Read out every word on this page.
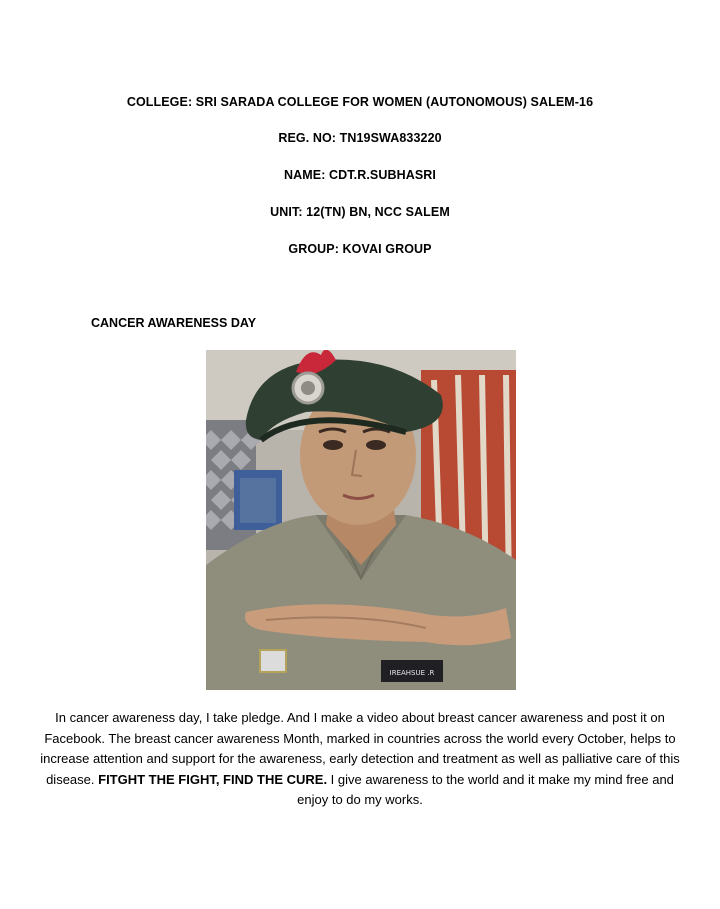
COLLEGE: SRI SARADA COLLEGE FOR WOMEN (AUTONOMOUS) SALEM-16
REG. NO: TN19SWA833220
NAME: CDT.R.SUBHASRI
UNIT: 12(TN) BN, NCC SALEM
GROUP: KOVAI GROUP
CANCER AWARENESS DAY
IREAHSUE .R
In cancer awareness day, I take pledge. And I make a video about breast cancer awareness and post it on Facebook. The breast cancer awareness Month, marked in countries across the world every October, helps to increase attention and support for the awareness, early detection and treatment as well as palliative care of this disease. FITGHT THE FIGHT, FIND THE CURE. I give awareness to the world and it make my mind free and enjoy to do my works.
